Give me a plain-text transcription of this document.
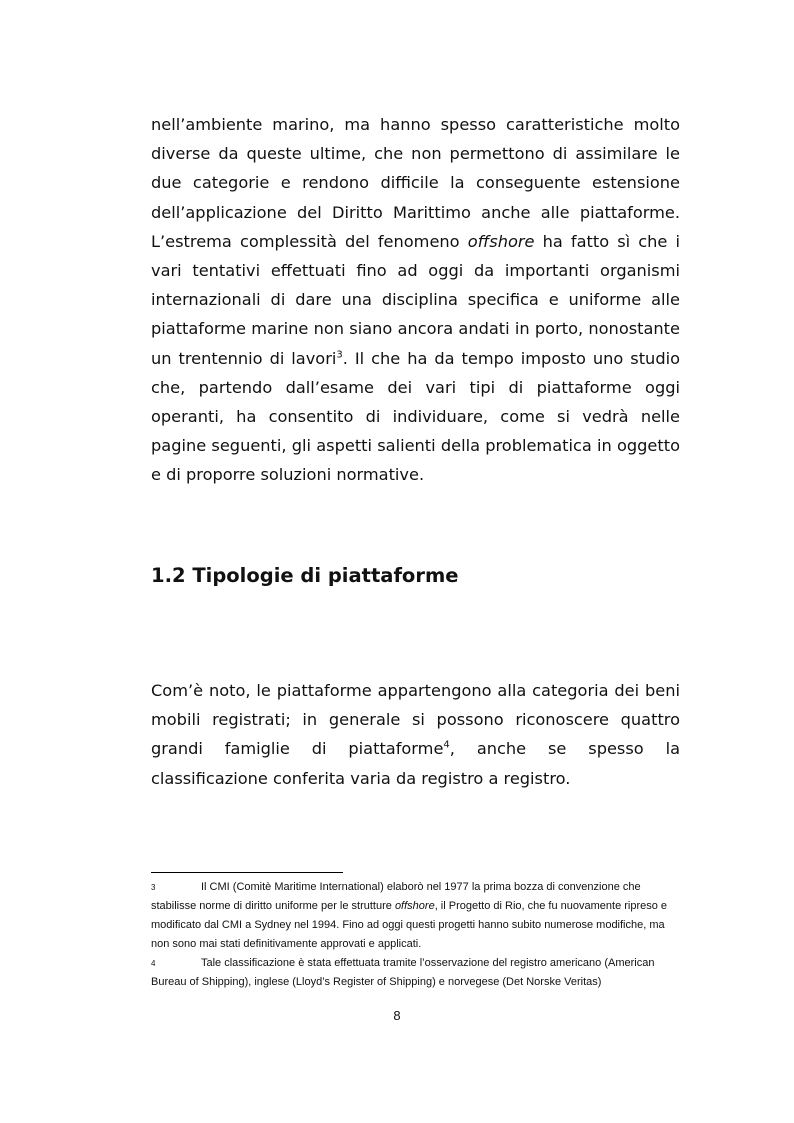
nell’ambiente marino, ma hanno spesso caratteristiche molto diverse da queste ultime, che non permettono di assimilare le due categorie e rendono difficile la conseguente estensione dell’applicazione del Diritto Marittimo anche alle piattaforme. L’estrema complessità del fenomeno offshore ha fatto sì che i vari tentativi effettuati fino ad oggi da importanti organismi internazionali di dare una disciplina specifica e uniforme alle piattaforme marine non siano ancora andati in porto, nonostante un trentennio di lavori$^3$. Il che ha da tempo imposto uno studio che, partendo dall’esame dei vari tipi di piattaforme oggi operanti, ha consentito di individuare, come si vedrà nelle pagine seguenti, gli aspetti salienti della problematica in oggetto e di proporre soluzioni normative.

1.2 Tipologie di piattaforme

Com’è noto, le piattaforme appartengono alla categoria dei beni mobili registrati; in generale si possono riconoscere quattro grandi famiglie di piattaforme$^4$, anche se spesso la classificazione conferita varia da registro a registro.

3	Il CMI (Comitè Maritime International) elaborò nel 1977 la prima bozza di convenzione che stabilisse norme di diritto uniforme per le strutture offshore, il Progetto di Rio, che fu nuovamente ripreso e modificato dal CMI a Sydney nel 1994. Fino ad oggi questi progetti hanno subito numerose modifiche, ma non sono mai stati definitivamente approvati e applicati.

4	Tale classificazione è stata effettuata tramite l’osservazione del registro americano (American Bureau of Shipping), inglese (Lloyd’s Register of Shipping) e norvegese (Det Norske Veritas)

8
